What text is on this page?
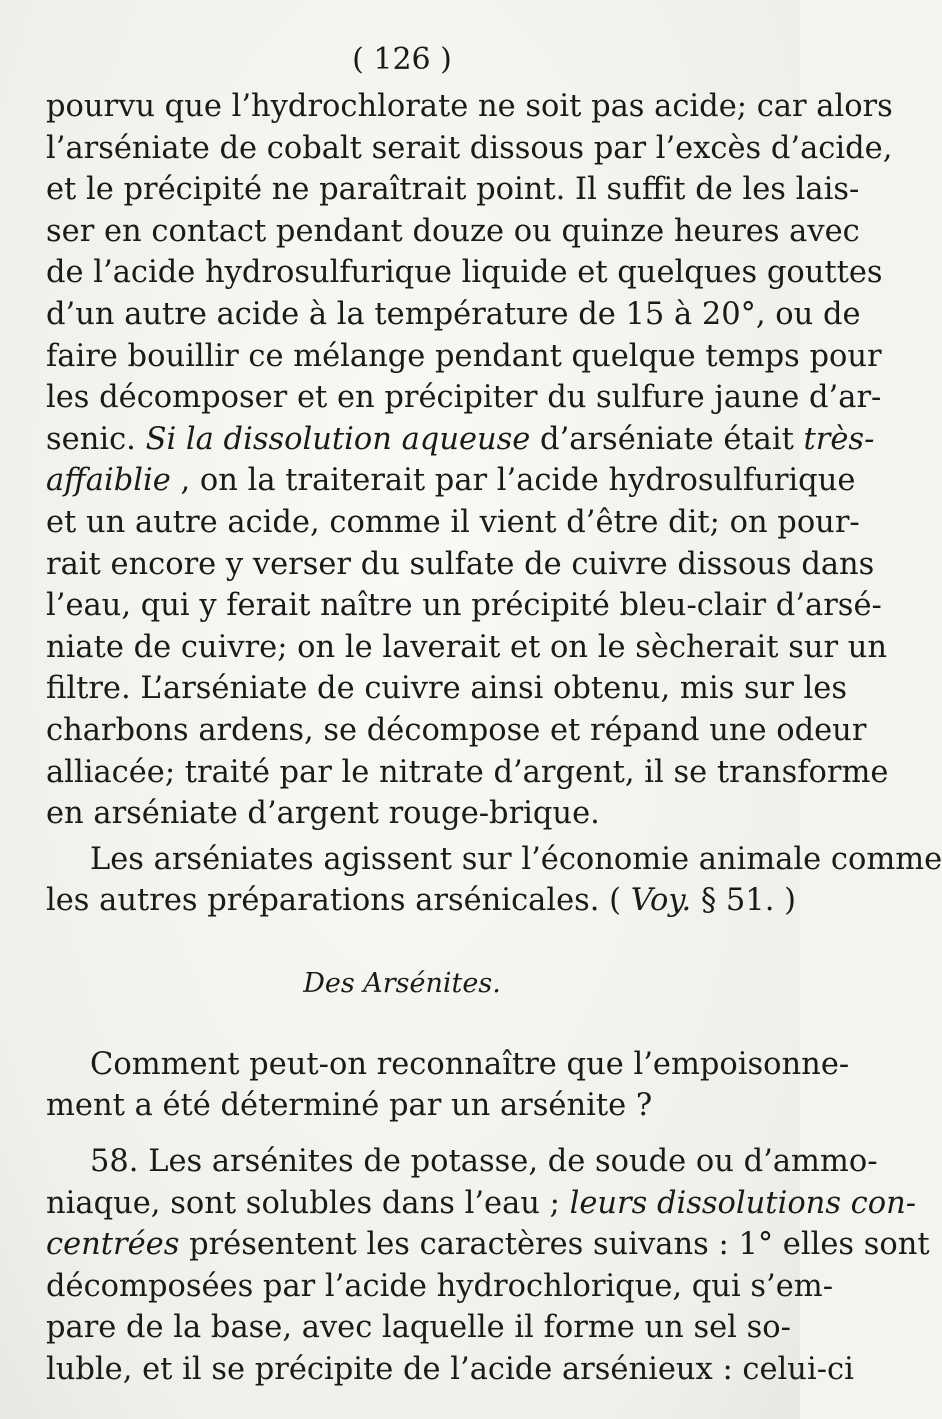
( 126 )

pourvu que l’hydrochlorate ne soit pas acide; car alors
l’arséniate de cobalt serait dissous par l’excès d’acide,
et le précipité ne paraîtrait point. Il suffit de les lais-
ser en contact pendant douze ou quinze heures avec
de l’acide hydrosulfurique liquide et quelques gouttes
d’un autre acide à la température de 15 à 20°, ou de
faire bouillir ce mélange pendant quelque temps pour
les décomposer et en précipiter du sulfure jaune d’ar-
senic. Si la dissolution aqueuse d’arséniate était très-
affaiblie , on la traiterait par l’acide hydrosulfurique
et un autre acide, comme il vient d’être dit; on pour-
rait encore y verser du sulfate de cuivre dissous dans
l’eau, qui y ferait naître un précipité bleu-clair d’arsé-
niate de cuivre; on le laverait et on le sècherait sur un
filtre. L’arséniate de cuivre ainsi obtenu, mis sur les
charbons ardens, se décompose et répand une odeur
alliacée; traité par le nitrate d’argent, il se transforme
en arséniate d’argent rouge-brique.

Les arséniates agissent sur l’économie animale comme
les autres préparations arsénicales. ( Voy. § 51. )

Des Arsénites.

Comment peut-on reconnaître que l’empoisonne-
ment a été déterminé par un arsénite ?

58. Les arsénites de potasse, de soude ou d’ammo-
niaque, sont solubles dans l’eau ; leurs dissolutions con-
centrées présentent les caractères suivans : 1° elles sont
décomposées par l’acide hydrochlorique, qui s’em-
pare de la base, avec laquelle il forme un sel so-
luble, et il se précipite de l’acide arsénieux : celui-ci
